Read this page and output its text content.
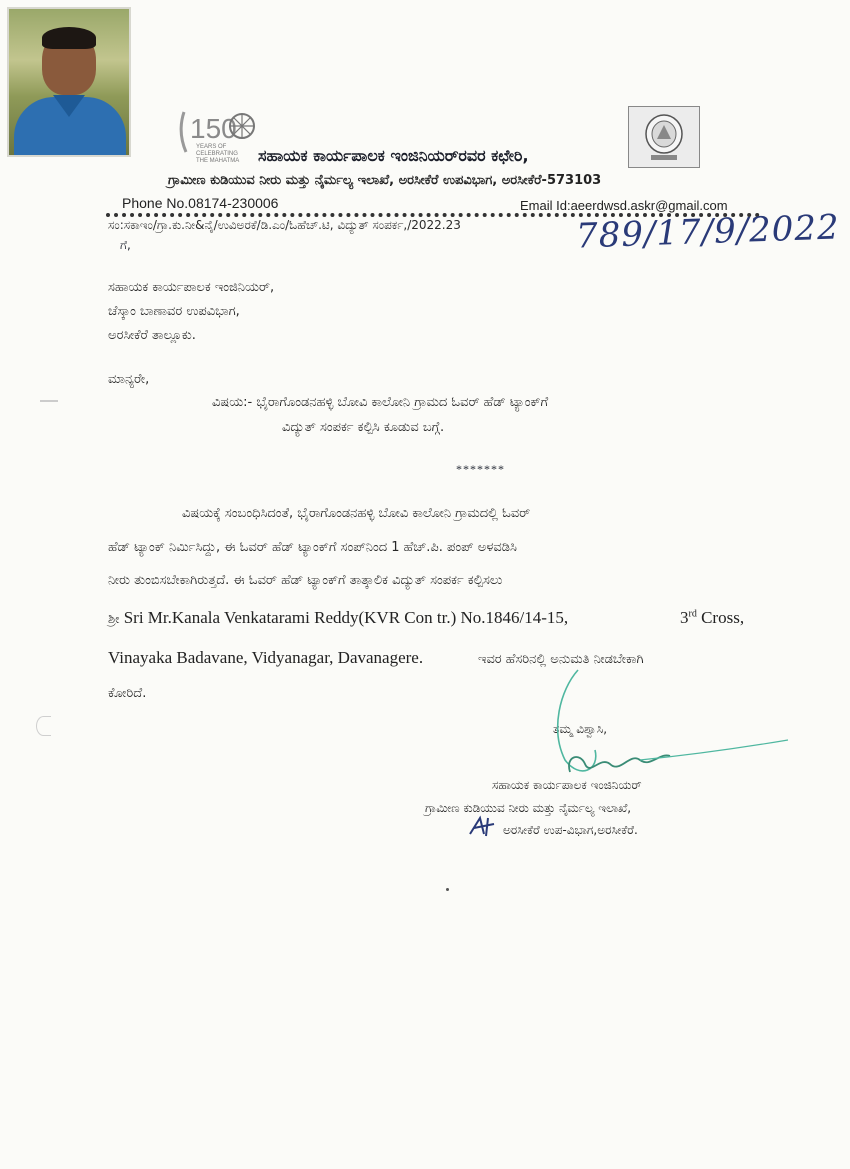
150
YEARS OF
CELEBRATING
THE MAHATMA ಸಹಾಯಕ ಕಾರ್ಯಪಾಲಕ ಇಂಜಿನಿಯರ್‌ರವರ ಕಛೇರಿ,
ಗ್ರಾಮೀಣ ಕುಡಿಯುವ ನೀರು ಮತ್ತು ನೈರ್ಮಲ್ಯ ಇಲಾಖೆ, ಅರಸೀಕೆರೆ ಉಪವಿಭಾಗ, ಅರಸೀಕೆರೆ-573103
Phone No.08174-230006	Email Id:aeerdwsd.askr@gmail.com
ಸಂ:ಸಕಾಇಂ/ಗ್ರಾ.ಕು.ನೀ&ನೈ/ಉವಿಅರಕೆ/ಡಿ.ಎಂ/ಓಹೆಚ್.ಟಿ, ವಿದ್ಯುತ್ ಸಂಪರ್ಕ,/2022.23
ಗೆ,	789/17/9/2022
ಸಹಾಯಕ ಕಾರ್ಯಪಾಲಕ ಇಂಜಿನಿಯರ್,
ಚೆಸ್ಕಾಂ ಬಾಣಾವರ ಉಪವಿಭಾಗ,
ಅರಸೀಕೆರೆ ತಾಲ್ಲೂಕು.
ಮಾನ್ಯರೇ,
ವಿಷಯ:- ಭೈರಾಗೊಂಡನಹಳ್ಳಿ ಬೋವಿ ಕಾಲೋನಿ ಗ್ರಾಮದ ಓವರ್ ಹೆಡ್ ಟ್ಯಾಂಕ್‌ಗೆ
ವಿದ್ಯುತ್ ಸಂಪರ್ಕ ಕಲ್ಪಿಸಿ ಕೂಡುವ ಬಗ್ಗೆ.
*******
ವಿಷಯಕ್ಕೆ ಸಂಬಂಧಿಸಿದಂತೆ, ಭೈರಾಗೊಂಡನಹಳ್ಳಿ ಬೋವಿ ಕಾಲೋನಿ ಗ್ರಾಮದಲ್ಲಿ ಓವರ್
ಹೆಡ್ ಟ್ಯಾಂಕ್ ನಿರ್ಮಿಸಿದ್ದು, ಈ ಓವರ್ ಹೆಡ್ ಟ್ಯಾಂಕ್‌ಗೆ ಸಂಪ್‌ನಿಂದ 1 ಹೆಚ್.ಪಿ. ಪಂಪ್ ಅಳವಡಿಸಿ
ನೀರು ತುಂಬಿಸಬೇಕಾಗಿರುತ್ತದೆ. ಈ ಓವರ್ ಹೆಡ್ ಟ್ಯಾಂಕ್‌ಗೆ ತಾತ್ಕಾಲಿಕ ವಿದ್ಯುತ್ ಸಂಪರ್ಕ ಕಲ್ಪಿಸಲು
ಶ್ರೀ Sri Mr.Kanala Venkatarami Reddy(KVR Con tr.) No.1846/14-15,	3rd Cross,
Vinayaka Badavane, Vidyanagar, Davanagere.	ಇವರ ಹೆಸರಿನಲ್ಲಿ ಅನುಮತಿ ನೀಡಬೇಕಾಗಿ
ಕೋರಿದೆ.
ತಮ್ಮ ವಿಶ್ವಾಸಿ,
ಸಹಾಯಕ ಕಾರ್ಯಪಾಲಕ ಇಂಜಿನಿಯರ್
ಗ್ರಾಮೀಣ ಕುಡಿಯುವ ನೀರು ಮತ್ತು ನೈರ್ಮಲ್ಯ ಇಲಾಖೆ,
ಅರಸೀಕೆರೆ ಉಪ-ವಿಭಾಗ,ಅರಸೀಕೆರೆ.
